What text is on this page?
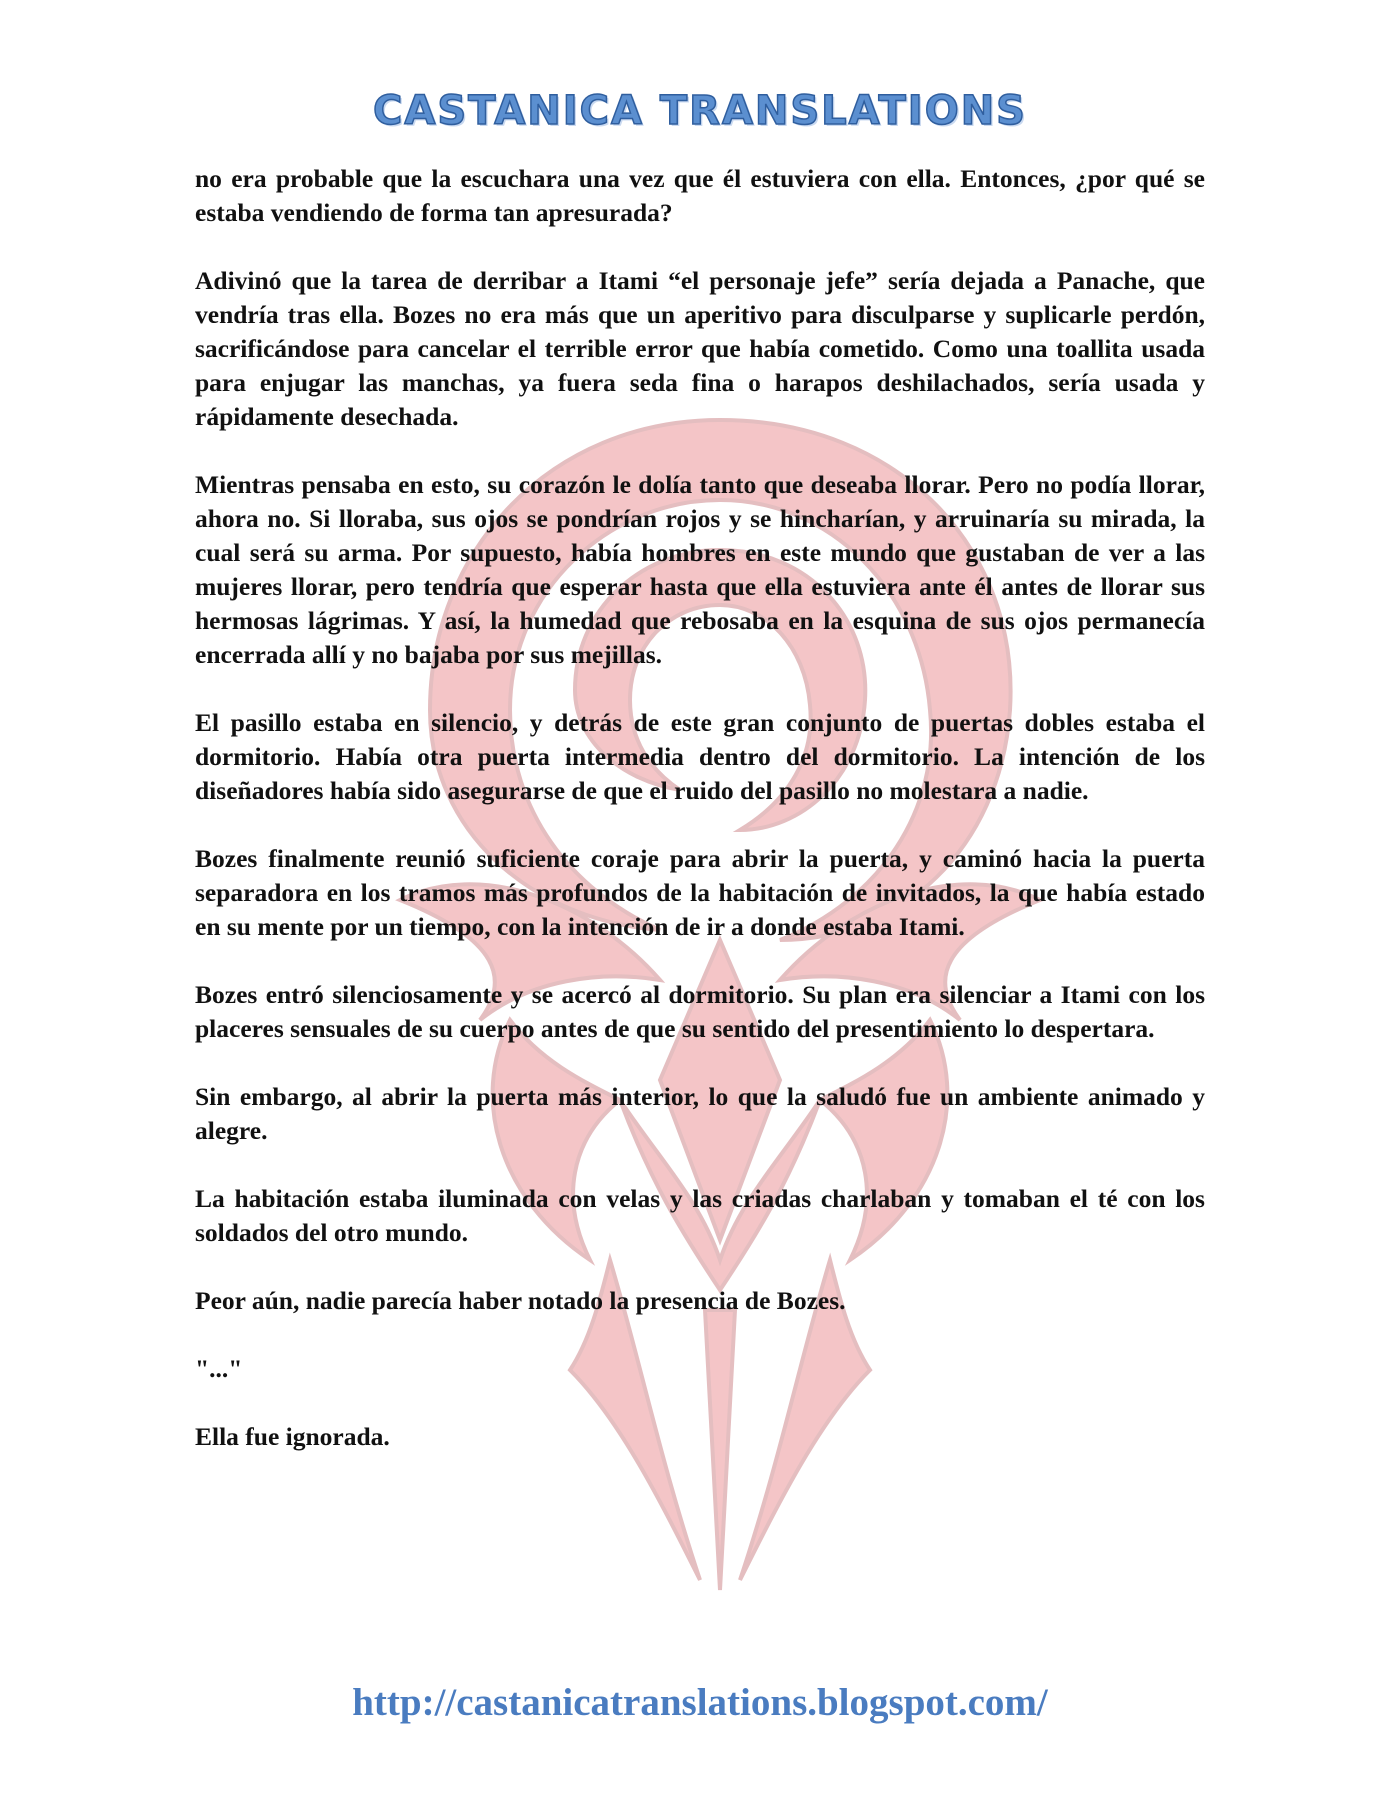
CASTANICA TRANSLATIONS

no era probable que la escuchara una vez que él estuviera con ella. Entonces, ¿por qué se estaba vendiendo de forma tan apresurada?

Adivinó que la tarea de derribar a Itami “el personaje jefe” sería dejada a Panache, que vendría tras ella. Bozes no era más que un aperitivo para disculparse y suplicarle perdón, sacrificándose para cancelar el terrible error que había cometido. Como una toallita usada para enjugar las manchas, ya fuera seda fina o harapos deshilachados, sería usada y rápidamente desechada.

Mientras pensaba en esto, su corazón le dolía tanto que deseaba llorar. Pero no podía llorar, ahora no. Si lloraba, sus ojos se pondrían rojos y se hincharían, y arruinaría su mirada, la cual será su arma. Por supuesto, había hombres en este mundo que gustaban de ver a las mujeres llorar, pero tendría que esperar hasta que ella estuviera ante él antes de llorar sus hermosas lágrimas. Y así, la humedad que rebosaba en la esquina de sus ojos permanecía encerrada allí y no bajaba por sus mejillas.

El pasillo estaba en silencio, y detrás de este gran conjunto de puertas dobles estaba el dormitorio. Había otra puerta intermedia dentro del dormitorio. La intención de los diseñadores había sido asegurarse de que el ruido del pasillo no molestara a nadie.

Bozes finalmente reunió suficiente coraje para abrir la puerta, y caminó hacia la puerta separadora en los tramos más profundos de la habitación de invitados, la que había estado en su mente por un tiempo, con la intención de ir a donde estaba Itami.

Bozes entró silenciosamente y se acercó al dormitorio. Su plan era silenciar a Itami con los placeres sensuales de su cuerpo antes de que su sentido del presentimiento lo despertara.

Sin embargo, al abrir la puerta más interior, lo que la saludó fue un ambiente animado y alegre.

La habitación estaba iluminada con velas y las criadas charlaban y tomaban el té con los soldados del otro mundo.

Peor aún, nadie parecía haber notado la presencia de Bozes.

"..."

Ella fue ignorada.

http://castanicatranslations.blogspot.com/
